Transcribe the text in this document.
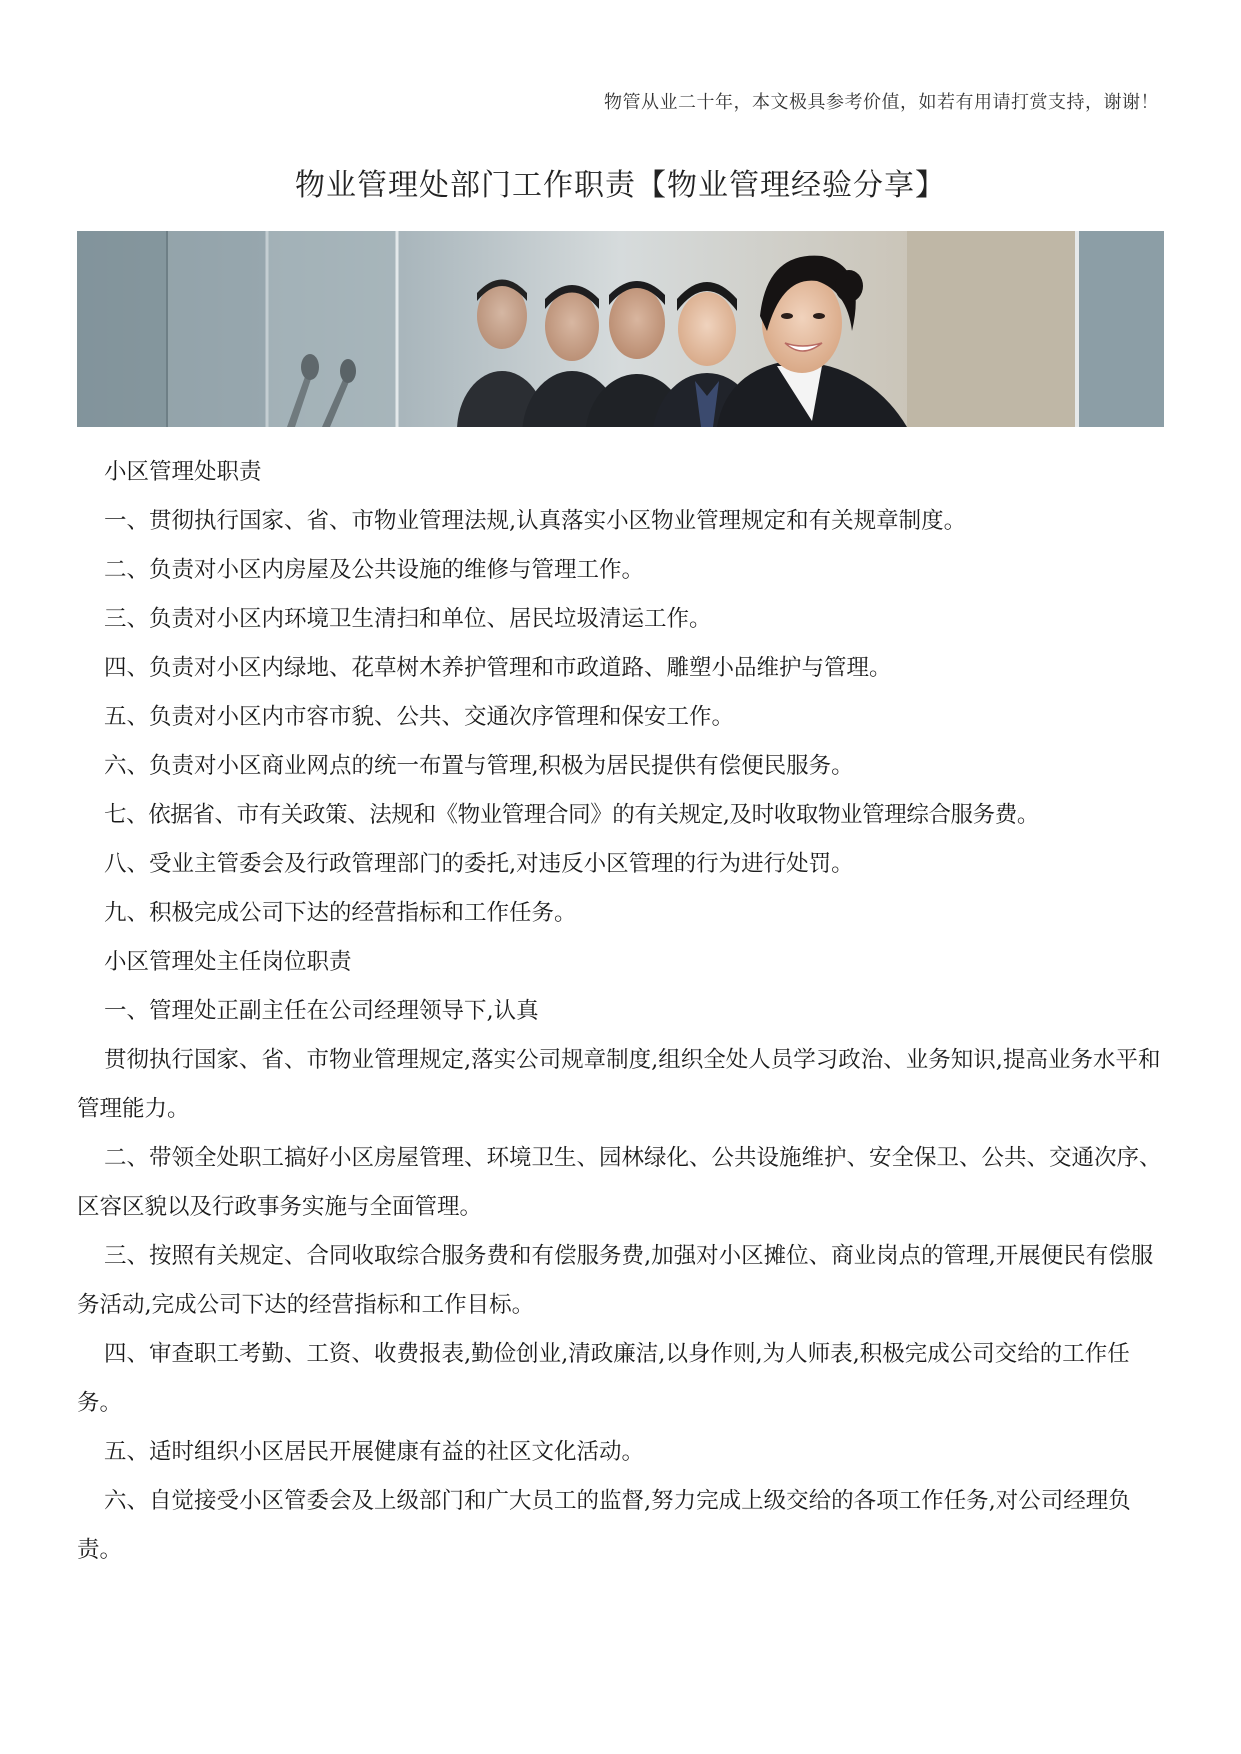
物管从业二十年，本文极具参考价值，如若有用请打赏支持，谢谢！
物业管理处部门工作职责【物业管理经验分享】

小区管理处职责

一、贯彻执行国家、省、市物业管理法规,认真落实小区物业管理规定和有关规章制度。

二、负责对小区内房屋及公共设施的维修与管理工作。

三、负责对小区内环境卫生清扫和单位、居民垃圾清运工作。

四、负责对小区内绿地、花草树木养护管理和市政道路、雕塑小品维护与管理。

五、负责对小区内市容市貌、公共、交通次序管理和保安工作。

六、负责对小区商业网点的统一布置与管理,积极为居民提供有偿便民服务。

七、依据省、市有关政策、法规和《物业管理合同》的有关规定,及时收取物业管理综合服务费。

八、受业主管委会及行政管理部门的委托,对违反小区管理的行为进行处罚。

九、积极完成公司下达的经营指标和工作任务。

小区管理处主任岗位职责

一、管理处正副主任在公司经理领导下,认真

贯彻执行国家、省、市物业管理规定,落实公司规章制度,组织全处人员学习政治、业务知识,提高业务水平和管理能力。

二、带领全处职工搞好小区房屋管理、环境卫生、园林绿化、公共设施维护、安全保卫、公共、交通次序、区容区貌以及行政事务实施与全面管理。

三、按照有关规定、合同收取综合服务费和有偿服务费,加强对小区摊位、商业岗点的管理,开展便民有偿服务活动,完成公司下达的经营指标和工作目标。

四、审查职工考勤、工资、收费报表,勤俭创业,清政廉洁,以身作则,为人师表,积极完成公司交给的工作任务。

五、适时组织小区居民开展健康有益的社区文化活动。

六、自觉接受小区管委会及上级部门和广大员工的监督,努力完成上级交给的各项工作任务,对公司经理负责。
